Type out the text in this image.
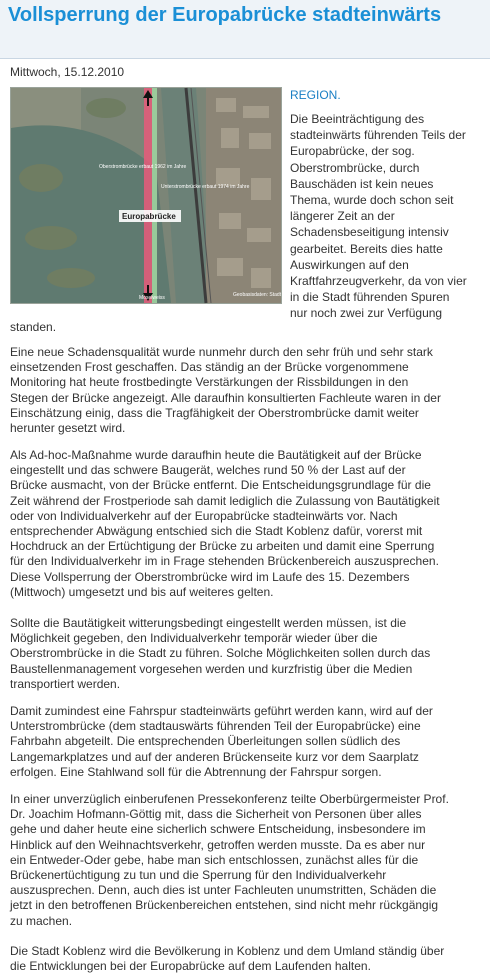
Vollsperrung der Europabrücke stadteinwärts
Mittwoch, 15.12.2010
Europabrücke
Oberstrombrücke erbaut 1962 im Jahre
Unterstrombrücke erbaut 1974 im Jahre
Moselweiss	Geobasisdaten: Stadt Koblenz
REGION.

Die Beeinträchtigung des
stadteinwärts führenden Teils der
Europabrücke, der sog.
Oberstrombrücke, durch
Bauschäden ist kein neues
Thema, wurde doch schon seit
längerer Zeit an der
Schadensbeseitigung intensiv
gearbeitet. Bereits dies hatte
Auswirkungen auf den
Kraftfahrzeugverkehr, da von vier
in die Stadt führenden Spuren
nur noch zwei zur Verfügung

standen.

Eine neue Schadensqualität wurde nunmehr durch den sehr früh und sehr stark
einsetzenden Frost geschaffen. Das ständig an der Brücke vorgenommene
Monitoring hat heute frostbedingte Verstärkungen der Rissbildungen in den
Stegen der Brücke angezeigt. Alle daraufhin konsultierten Fachleute waren in der
Einschätzung einig, dass die Tragfähigkeit der Oberstrombrücke damit weiter
herunter gesetzt wird.

Als Ad-hoc-Maßnahme wurde daraufhin heute die Bautätigkeit auf der Brücke
eingestellt und das schwere Baugerät, welches rund 50 % der Last auf der
Brücke ausmacht, von der Brücke entfernt. Die Entscheidungsgrundlage für die
Zeit während der Frostperiode sah damit lediglich die Zulassung von Bautätigkeit
oder von Individualverkehr auf der Europabrücke stadteinwärts vor. Nach
entsprechender Abwägung entschied sich die Stadt Koblenz dafür, vorerst mit
Hochdruck an der Ertüchtigung der Brücke zu arbeiten und damit eine Sperrung
für den Individualverkehr im in Frage stehenden Brückenbereich auszusprechen.
Diese Vollsperrung der Oberstrombrücke wird im Laufe des 15. Dezembers
(Mittwoch) umgesetzt und bis auf weiteres gelten.

Sollte die Bautätigkeit witterungsbedingt eingestellt werden müssen, ist die
Möglichkeit gegeben, den Individualverkehr temporär wieder über die
Oberstrombrücke in die Stadt zu führen. Solche Möglichkeiten sollen durch das
Baustellenmanagement vorgesehen werden und kurzfristig über die Medien
transportiert werden.

Damit zumindest eine Fahrspur stadteinwärts geführt werden kann, wird auf der
Unterstrombrücke (dem stadtauswärts führenden Teil der Europabrücke) eine
Fahrbahn abgeteilt. Die entsprechenden Überleitungen sollen südlich des
Langemarkplatzes und auf der anderen Brückenseite kurz vor dem Saarplatz
erfolgen. Eine Stahlwand soll für die Abtrennung der Fahrspur sorgen.

In einer unverzüglich einberufenen Pressekonferenz teilte Oberbürgermeister Prof.
Dr. Joachim Hofmann-Göttig mit, dass die Sicherheit von Personen über alles
gehe und daher heute eine sicherlich schwere Entscheidung, insbesondere im
Hinblick auf den Weihnachtsverkehr, getroffen werden musste. Da es aber nur
ein Entweder-Oder gebe, habe man sich entschlossen, zunächst alles für die
Brückenertüchtigung zu tun und die Sperrung für den Individualverkehr
auszusprechen. Denn, auch dies ist unter Fachleuten unumstritten, Schäden die
jetzt in den betroffenen Brückenbereichen entstehen, sind nicht mehr rückgängig
zu machen.

Die Stadt Koblenz wird die Bevölkerung in Koblenz und dem Umland ständig über
die Entwicklungen bei der Europabrücke auf dem Laufenden halten.
